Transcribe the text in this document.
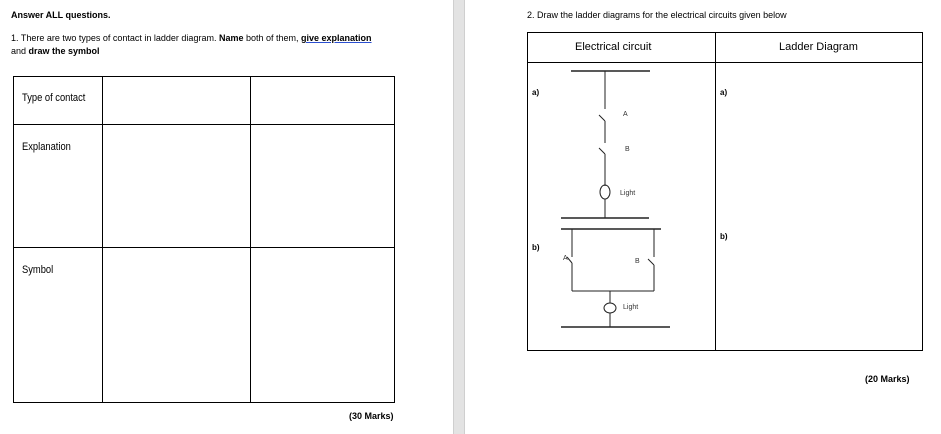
Answer ALL questions.
1. There are two types of contact in ladder diagram. Name both of them, give explanation
and draw the symbol
Type of contact
Explanation
Symbol
(30 Marks)
2. Draw the ladder diagrams for the electrical circuits given below
Electrical circuit	Ladder Diagram
a)
A
B
Light
b)
A	B
Light
a)
b)
(20 Marks)
